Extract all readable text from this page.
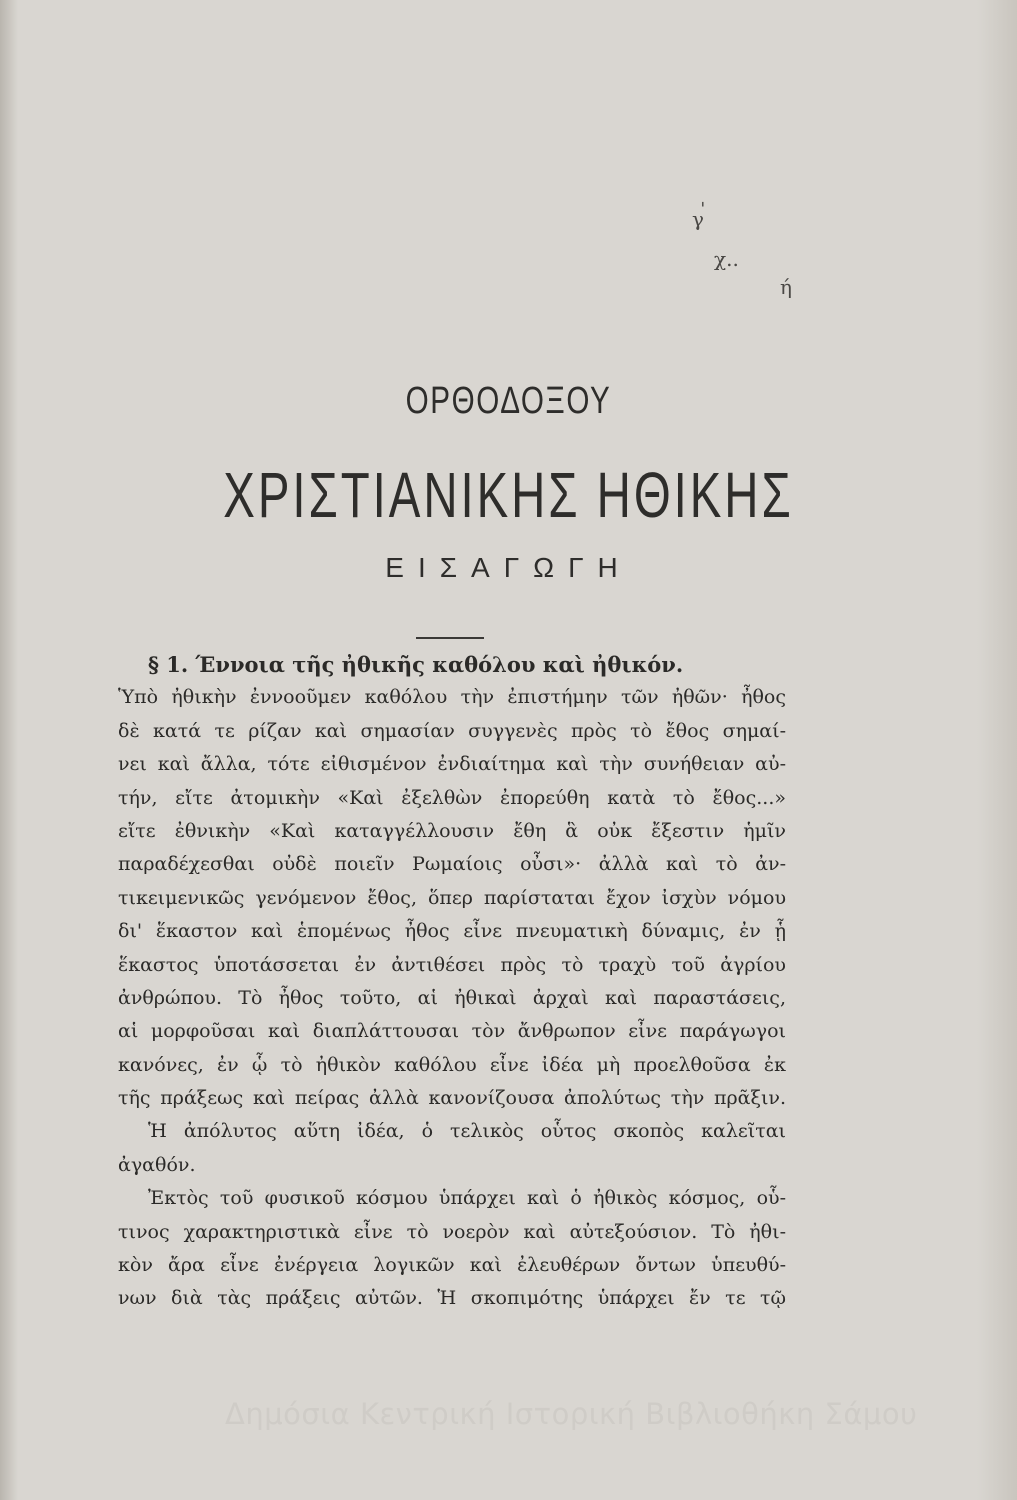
ˌ
γ
χ..
ή
ΟΡΘΟΔΟΞΟΥ
ΧΡΙΣΤΙΑΝΙΚΗΣ ΗΘΙΚΗΣ
ΕΙΣΑΓΩΓΗ
§ 1. Έννοια τῆς ἠθικῆς καθόλου καὶ ἠθικόν.
Ὑπὸ ἠθικὴν ἐννοοῦμεν καθόλου τὴν ἐπιστήμην τῶν ἠθῶν· ἦθος
δὲ κατά τε ρίζαν καὶ σημασίαν συγγενὲς πρὸς τὸ ἔθος σημαί-
νει καὶ ἄλλα, τότε εἰθισμένον ἐνδιαίτημα καὶ τὴν συνήθειαν αὐ-
τήν, εἴτε ἀτομικὴν «Καὶ ἐξελθὼν ἐπορεύθη κατὰ τὸ ἔθος...»
εἴτε ἐθνικὴν «Καὶ καταγγέλλουσιν ἔθη ἃ οὐκ ἔξεστιν ἡμῖν
παραδέχεσθαι οὐδὲ ποιεῖν Ρωμαίοις οὖσι»· ἀλλὰ καὶ τὸ ἀν-
τικειμενικῶς γενόμενον ἔθος, ὅπερ παρίσταται ἔχον ἰσχὺν νόμου
δι' ἕκαστον καὶ ἑπομένως ἦθος εἶνε πνευματικὴ δύναμις, ἐν ᾗ
ἕκαστος ὑποτάσσεται ἐν ἀντιθέσει πρὸς τὸ τραχὺ τοῦ ἀγρίου
ἀνθρώπου. Τὸ ἦθος τοῦτο, αἱ ἠθικαὶ ἀρχαὶ καὶ παραστάσεις,
αἱ μορφοῦσαι καὶ διαπλάττουσαι τὸν ἄνθρωπον εἶνε παράγωγοι
κανόνες, ἐν ᾧ τὸ ἠθικὸν καθόλου εἶνε ἰδέα μὴ προελθοῦσα ἐκ
τῆς πράξεως καὶ πείρας ἀλλὰ κανονίζουσα ἀπολύτως τὴν πρᾶξιν.
Ἡ ἀπόλυτος αὕτη ἰδέα, ὁ τελικὸς οὗτος σκοπὸς καλεῖται
ἀγαθόν.
Ἐκτὸς τοῦ φυσικοῦ κόσμου ὑπάρχει καὶ ὁ ἠθικὸς κόσμος, οὗ-
τινος χαρακτηριστικὰ εἶνε τὸ νοερὸν καὶ αὐτεξούσιον. Τὸ ἠθι-
κὸν ἄρα εἶνε ἐνέργεια λογικῶν καὶ ἐλευθέρων ὄντων ὑπευθύ-
νων διὰ τὰς πράξεις αὐτῶν. Ἡ σκοπιμότης ὑπάρχει ἔν τε τῷ
Δημόσια Κεντρική Ιστορική Βιβλιοθήκη Σάμου
